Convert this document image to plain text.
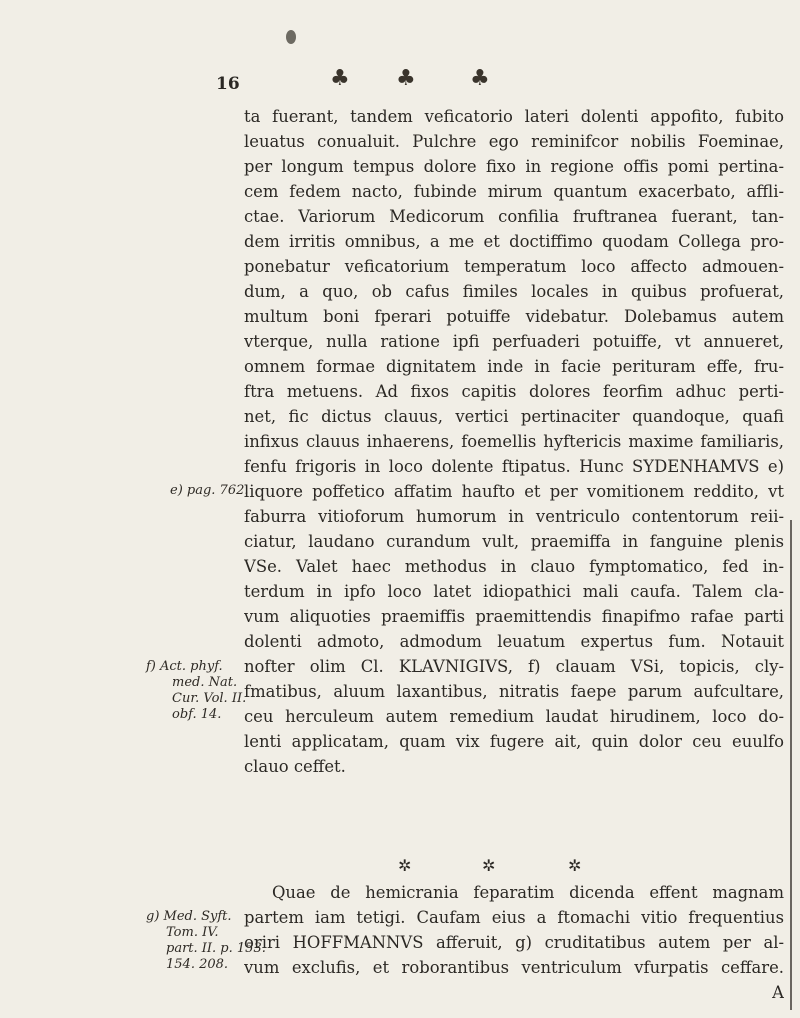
16	♣ ♣ ♣
ta fuerant, tandem veficatorio lateri dolenti appofito, fubito
leuatus conualuit. Pulchre ego reminifcor nobilis Foeminae,
per longum tempus dolore fixo in regione offis pomi pertina-
cem fedem nacto, fubinde mirum quantum exacerbato, affli-
ctae. Variorum Medicorum confilia fruftranea fuerant, tan-
dem irritis omnibus, a me et doctiffimo quodam Collega pro-
ponebatur veficatorium temperatum loco affecto admouen-
dum, a quo, ob cafus fimiles locales in quibus profuerat,
multum boni fperari potuiffe videbatur. Dolebamus autem
vterque, nulla ratione ipfi perfuaderi potuiffe, vt annueret,
omnem formae dignitatem inde in facie perituram effe, fru-
ftra metuens. Ad fixos capitis dolores feorfim adhuc perti-
net, fic dictus clauus, vertici pertinaciter quandoque, quafi
infixus clauus inhaerens, foemellis hyftericis maxime familiaris,
fenfu frigoris in loco dolente ftipatus. Hunc SYDENHAMVS e)
liquore poffetico affatim haufto et per vomitionem reddito, vt
faburra vitioforum humorum in ventriculo contentorum reii-
ciatur, laudano curandum vult, praemiffa in fanguine plenis
VSe. Valet haec methodus in clauo fymptomatico, fed in-
terdum in ipfo loco latet idiopathici mali caufa. Talem cla-
vum aliquoties praemiffis praemittendis finapifmo rafae parti
dolenti admoto, admodum leuatum expertus fum. Notauit
nofter olim Cl. KLAVNIGIVS, f) clauam VSi, topicis, cly-
fmatibus, aluum laxantibus, nitratis faepe parum aufcultare,
ceu herculeum autem remedium laudat hirudinem, loco do-
lenti applicatam, quam vix fugere ait, quin dolor ceu euulfo
clauo ceffet.
✲	✲	✲
Quae de hemicrania feparatim dicenda effent magnam
partem iam tetigi. Caufam eius a ftomachi vitio frequentius
oriri HOFFMANNVS afferuit, g) cruditatibus autem per al-
vum exclufis, et roborantibus ventriculum vfurpatis ceffare.
A
e) pag. 762.
f) Act. phyf.
med. Nat.
Cur. Vol. II.
obf. 14.
g) Med. Syft.
Tom. IV.
part. II. p. 153.
154. 208.
